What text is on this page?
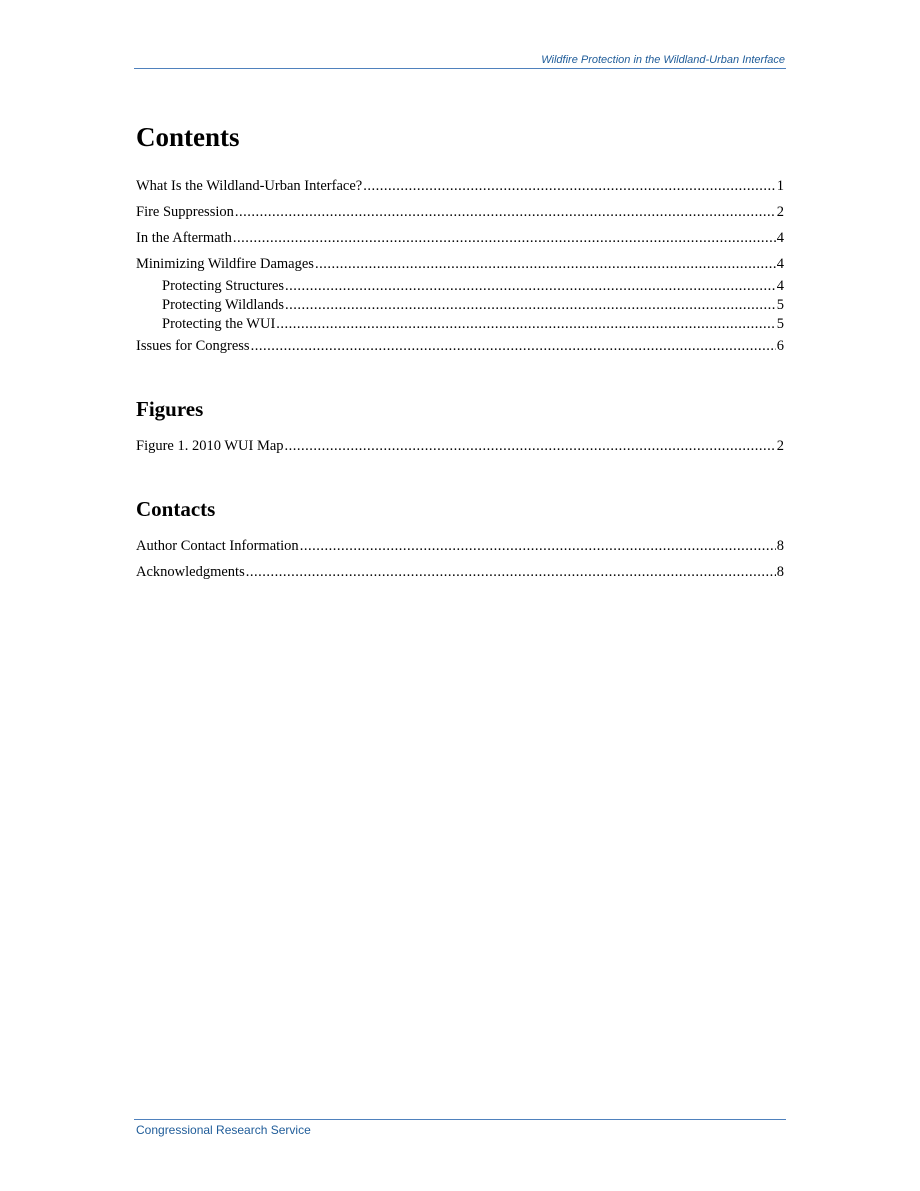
Wildfire Protection in the Wildland-Urban Interface
Contents
What Is the Wildland-Urban Interface? .....	1
Fire Suppression .....	2
In the Aftermath .....	4
Minimizing Wildfire Damages .....	4
Protecting Structures .....	4
Protecting Wildlands .....	5
Protecting the WUI .....	5
Issues for Congress .....	6
Figures
Figure 1. 2010 WUI Map .....	2
Contacts
Author Contact Information .....	8
Acknowledgments .....	8
Congressional Research Service
